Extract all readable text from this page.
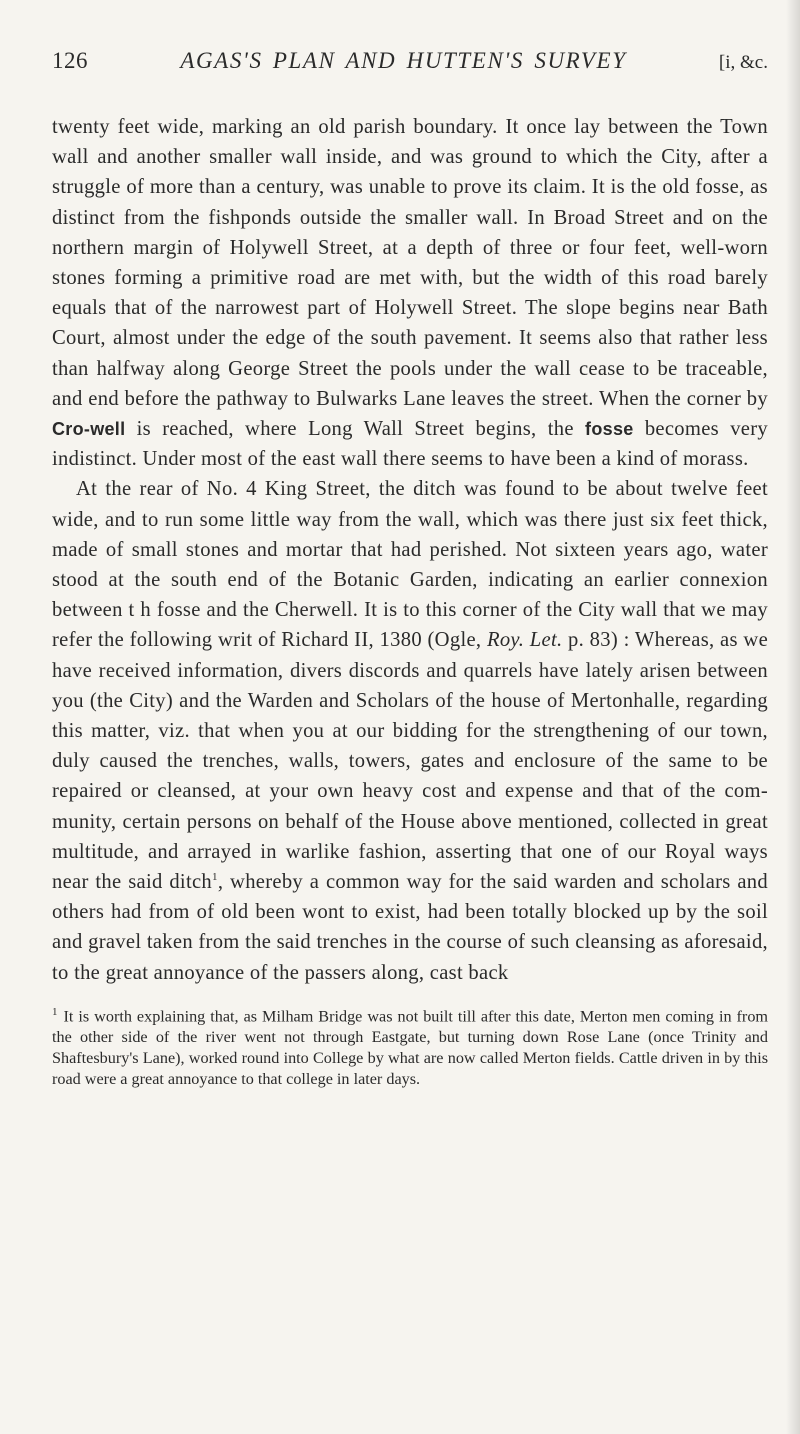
126	AGAS'S PLAN AND HUTTEN'S SURVEY	[i, &c.

twenty feet wide, marking an old parish boundary. It once lay between the Town wall and another smaller wall inside, and was ground to which the City, after a struggle of more than a century, was unable to prove its claim. It is the old fosse, as distinct from the fishponds outside the smaller wall. In Broad Street and on the northern margin of Holywell Street, at a depth of three or four feet, well-worn stones forming a primitive road are met with, but the width of this road barely equals that of the narrowest part of Holywell Street. The slope begins near Bath Court, almost under the edge of the south pavement. It seems also that rather less than halfway along George Street the pools under the wall cease to be traceable, and end before the pathway to Bulwarks Lane leaves the street. When the corner by Cro-well is reached, where Long Wall Street begins, the fosse becomes very indistinct. Under most of the east wall there seems to have been a kind of morass.

At the rear of No. 4 King Street, the ditch was found to be about twelve feet wide, and to run some little way from the wall, which was there just six feet thick, made of small stones and mortar that had perished. Not sixteen years ago, water stood at the south end of the Botanic Garden, indicating an earlier connexion between t h fosse and the Cherwell. It is to this corner of the City wall that we may refer the following writ of Richard II, 1380 (Ogle, Roy. Let. p. 83) : Whereas, as we have received information, divers discords and quarrels have lately arisen between you (the City) and the Warden and Scholars of the house of Mertonhalle, regarding this matter, viz. that when you at our bidding for the strengthening of our town, duly caused the trenches, walls, towers, gates and enclosure of the same to be repaired or cleansed, at your own heavy cost and expense and that of the com-munity, certain persons on behalf of the House above mentioned, collected in great multitude, and arrayed in warlike fashion, asserting that one of our Royal ways near the said ditch$^1$, whereby a common way for the said warden and scholars and others had from of old been wont to exist, had been totally blocked up by the soil and gravel taken from the said trenches in the course of such cleansing as aforesaid, to the great annoyance of the passers along, cast back

$^1$ It is worth explaining that, as Milham Bridge was not built till after this date, Merton men coming in from the other side of the river went not through Eastgate, but turning down Rose Lane (once Trinity and Shaftesbury's Lane), worked round into College by what are now called Merton fields. Cattle driven in by this road were a great annoyance to that college in later days.
